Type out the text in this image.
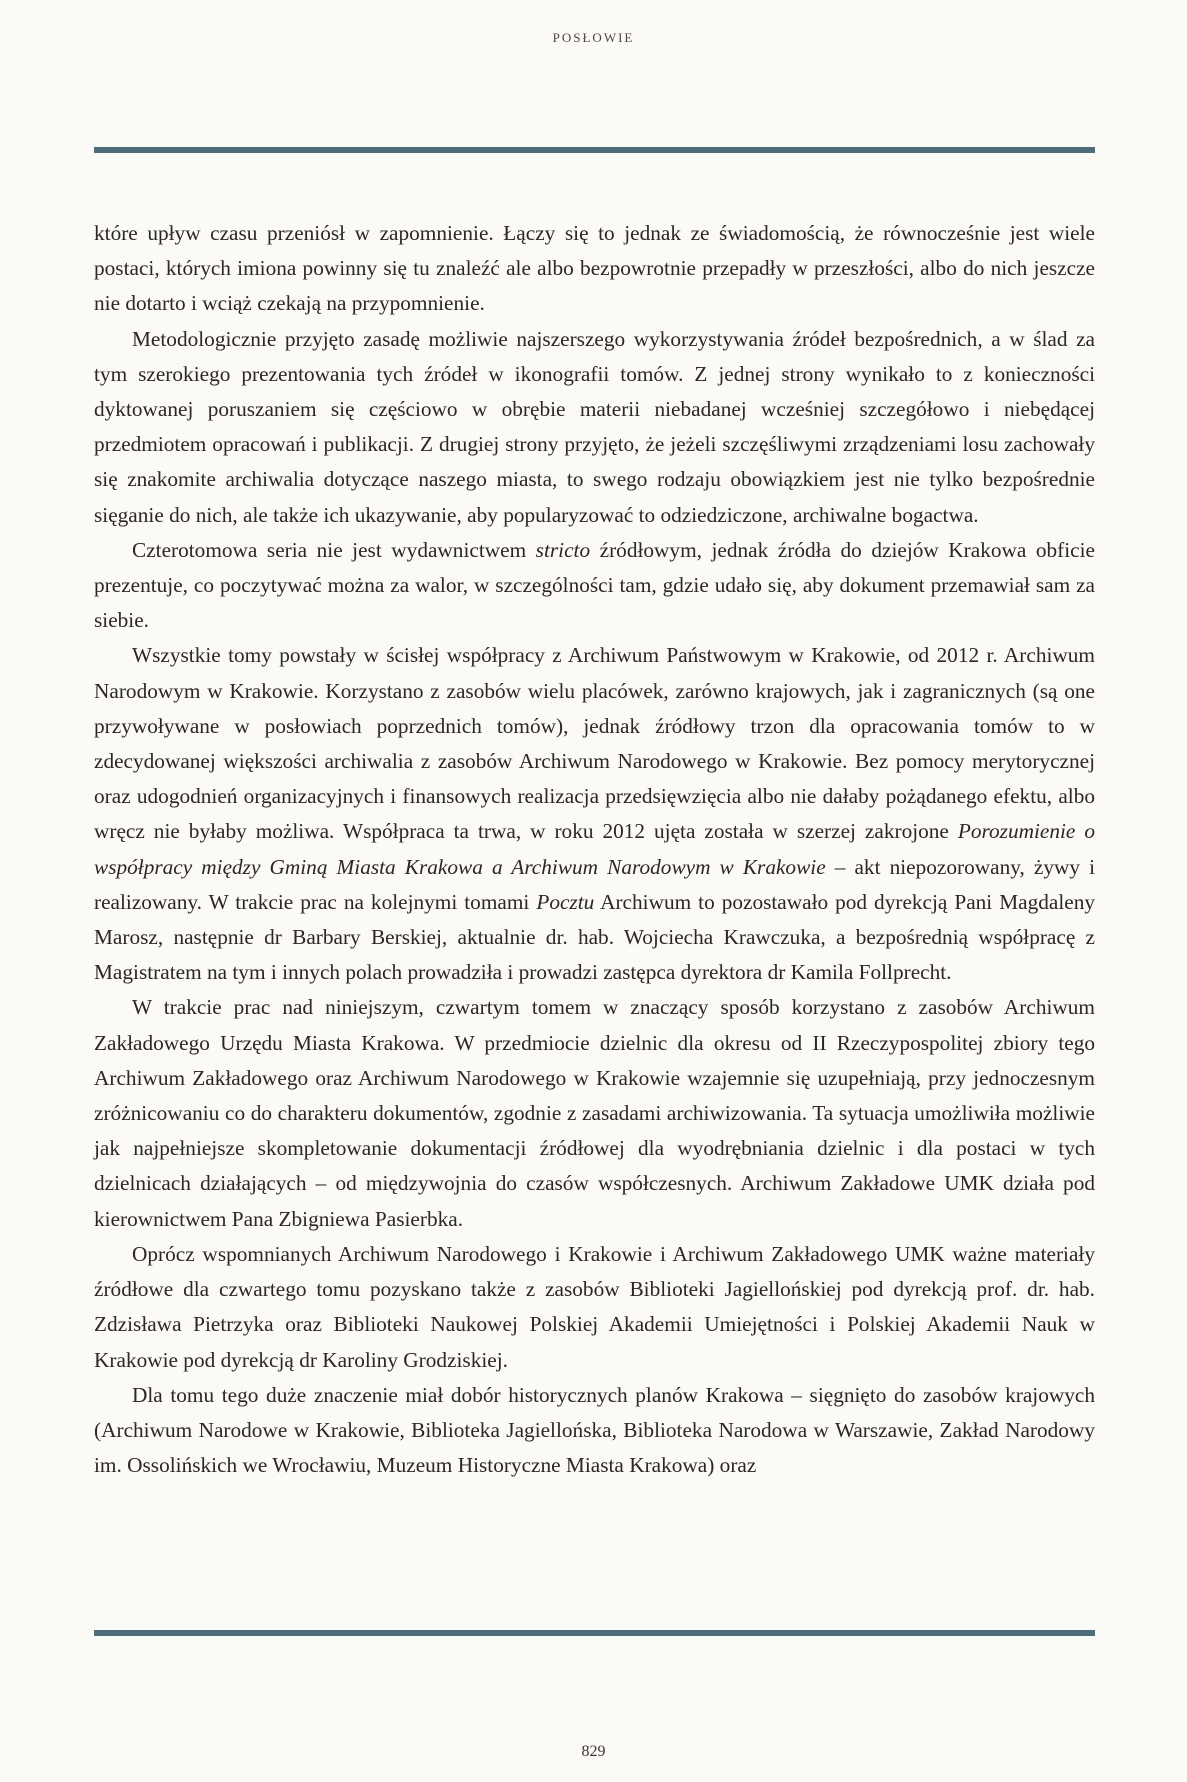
POSŁOWIE

które upływ czasu przeniósł w zapomnienie. Łączy się to jednak ze świadomością, że równocześnie jest wiele postaci, których imiona powinny się tu znaleźć ale albo bezpowrotnie przepadły w przeszłości, albo do nich jeszcze nie dotarto i wciąż czekają na przypomnienie.

Metodologicznie przyjęto zasadę możliwie najszerszego wykorzystywania źródeł bezpośrednich, a w ślad za tym szerokiego prezentowania tych źródeł w ikonografii tomów. Z jednej strony wynikało to z konieczności dyktowanej poruszaniem się częściowo w obrębie materii niebadanej wcześniej szczegółowo i niebędącej przedmiotem opracowań i publikacji. Z drugiej strony przyjęto, że jeżeli szczęśliwymi zrządzeniami losu zachowały się znakomite archiwalia dotyczące naszego miasta, to swego rodzaju obowiązkiem jest nie tylko bezpośrednie sięganie do nich, ale także ich ukazywanie, aby popularyzować to odziedziczone, archiwalne bogactwa.

Czterotomowa seria nie jest wydawnictwem stricto źródłowym, jednak źródła do dziejów Krakowa obficie prezentuje, co poczytywać można za walor, w szczególności tam, gdzie udało się, aby dokument przemawiał sam za siebie.

Wszystkie tomy powstały w ścisłej współpracy z Archiwum Państwowym w Krakowie, od 2012 r. Archiwum Narodowym w Krakowie. Korzystano z zasobów wielu placówek, zarówno krajowych, jak i zagranicznych (są one przywoływane w posłowiach poprzednich tomów), jednak źródłowy trzon dla opracowania tomów to w zdecydowanej większości archiwalia z zasobów Archiwum Narodowego w Krakowie. Bez pomocy merytorycznej oraz udogodnień organizacyjnych i finansowych realizacja przedsięwzięcia albo nie dałaby pożądanego efektu, albo wręcz nie byłaby możliwa. Współpraca ta trwa, w roku 2012 ujęta została w szerzej zakrojone Porozumienie o współpracy między Gminą Miasta Krakowa a Archiwum Narodowym w Krakowie – akt niepozorowany, żywy i realizowany. W trakcie prac na kolejnymi tomami Pocztu Archiwum to pozostawało pod dyrekcją Pani Magdaleny Marosz, następnie dr Barbary Berskiej, aktualnie dr. hab. Wojciecha Krawczuka, a bezpośrednią współpracę z Magistratem na tym i innych polach prowadziła i prowadzi zastępca dyrektora dr Kamila Follprecht.

W trakcie prac nad niniejszym, czwartym tomem w znaczący sposób korzystano z zasobów Archiwum Zakładowego Urzędu Miasta Krakowa. W przedmiocie dzielnic dla okresu od II Rzeczypospolitej zbiory tego Archiwum Zakładowego oraz Archiwum Narodowego w Krakowie wzajemnie się uzupełniają, przy jednoczesnym zróżnicowaniu co do charakteru dokumentów, zgodnie z zasadami archiwizowania. Ta sytuacja umożliwiła możliwie jak najpełniejsze skompletowanie dokumentacji źródłowej dla wyodrębniania dzielnic i dla postaci w tych dzielnicach działających – od międzywojnia do czasów współczesnych. Archiwum Zakładowe UMK działa pod kierownictwem Pana Zbigniewa Pasierbka.

Oprócz wspomnianych Archiwum Narodowego i Krakowie i Archiwum Zakładowego UMK ważne materiały źródłowe dla czwartego tomu pozyskano także z zasobów Biblioteki Jagiellońskiej pod dyrekcją prof. dr. hab. Zdzisława Pietrzyka oraz Biblioteki Naukowej Polskiej Akademii Umiejętności i Polskiej Akademii Nauk w Krakowie pod dyrekcją dr Karoliny Grodziskiej.

Dla tomu tego duże znaczenie miał dobór historycznych planów Krakowa – sięgnięto do zasobów krajowych (Archiwum Narodowe w Krakowie, Biblioteka Jagiellońska, Biblioteka Narodowa w Warszawie, Zakład Narodowy im. Ossolińskich we Wrocławiu, Muzeum Historyczne Miasta Krakowa) oraz

829
